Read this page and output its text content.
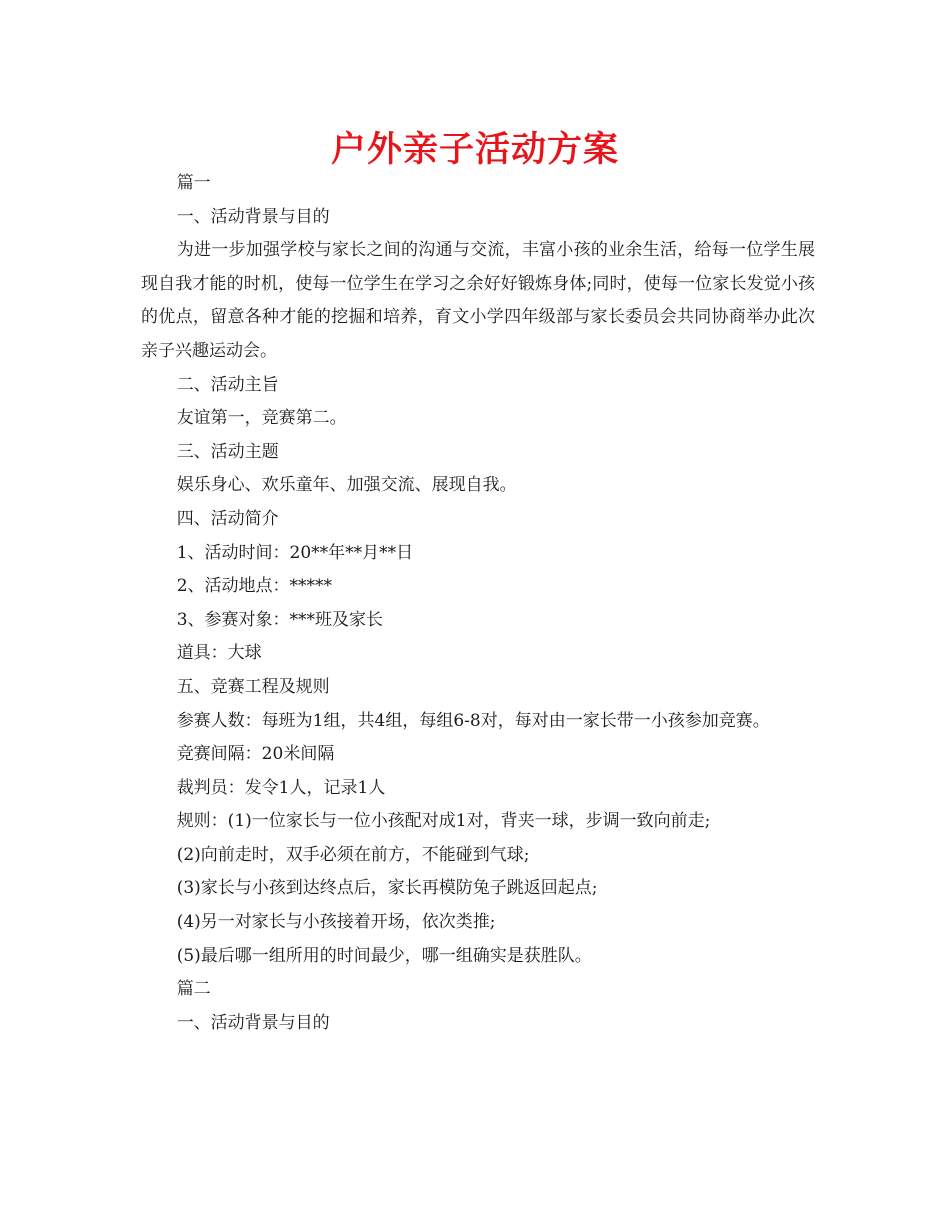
户外亲子活动方案

篇一

一、活动背景与目的

为进一步加强学校与家长之间的沟通与交流，丰富小孩的业余生活，给每一位学生展现自我才能的时机，使每一位学生在学习之余好好锻炼身体;同时，使每一位家长发觉小孩的优点，留意各种才能的挖掘和培养，育文小学四年级部与家长委员会共同协商举办此次亲子兴趣运动会。

二、活动主旨

友谊第一，竞赛第二。

三、活动主题

娱乐身心、欢乐童年、加强交流、展现自我。

四、活动简介

1、活动时间：20**年**月**日

2、活动地点：*****

3、参赛对象：***班及家长

道具：大球

五、竞赛工程及规则

参赛人数：每班为1组，共4组，每组6-8对，每对由一家长带一小孩参加竞赛。

竞赛间隔：20米间隔

裁判员：发令1人，记录1人

规则：(1)一位家长与一位小孩配对成1对，背夹一球，步调一致向前走;

(2)向前走时，双手必须在前方，不能碰到气球;

(3)家长与小孩到达终点后，家长再模防兔子跳返回起点;

(4)另一对家长与小孩接着开场，依次类推;

(5)最后哪一组所用的时间最少，哪一组确实是获胜队。

篇二

一、活动背景与目的
